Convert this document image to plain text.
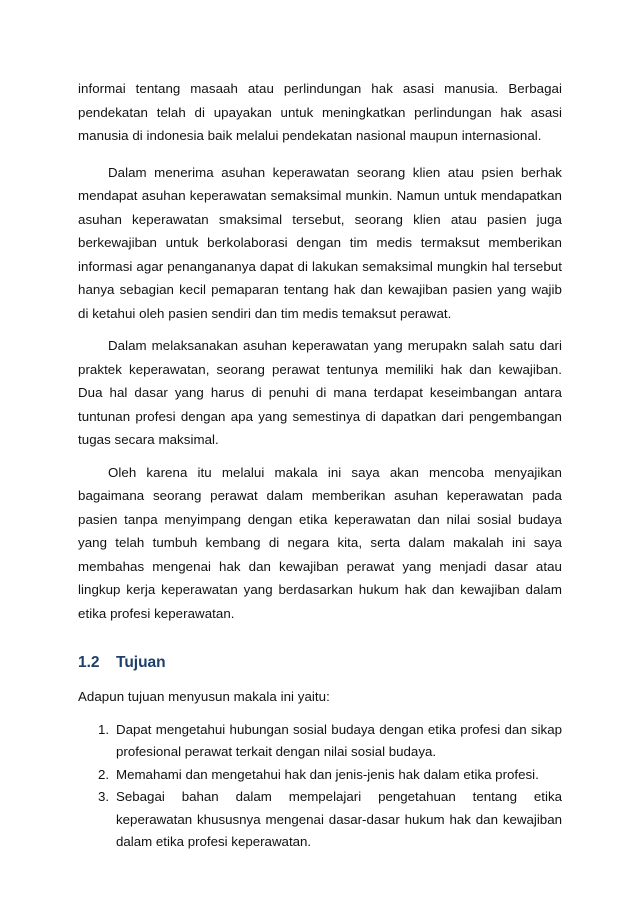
informai tentang masaah atau perlindungan hak asasi manusia. Berbagai pendekatan telah di upayakan untuk meningkatkan perlindungan hak asasi manusia di indonesia baik melalui pendekatan nasional maupun internasional.

Dalam menerima asuhan keperawatan seorang klien atau psien berhak mendapat asuhan keperawatan semaksimal munkin. Namun untuk mendapatkan asuhan keperawatan smaksimal tersebut, seorang klien atau pasien juga berkewajiban untuk berkolaborasi dengan tim medis termaksut memberikan informasi agar penangananya dapat di lakukan semaksimal mungkin hal tersebut hanya sebagian kecil pemaparan tentang hak dan kewajiban pasien yang wajib di ketahui oleh pasien sendiri dan tim medis temaksut perawat.

Dalam melaksanakan asuhan keperawatan yang merupakn salah satu dari praktek keperawatan, seorang perawat tentunya memiliki hak dan kewajiban. Dua hal dasar yang harus di penuhi di mana terdapat keseimbangan antara tuntunan profesi dengan apa yang semestinya di dapatkan dari pengembangan tugas secara maksimal.

Oleh karena itu melalui makala ini saya akan mencoba menyajikan bagaimana seorang perawat dalam memberikan asuhan keperawatan pada pasien tanpa menyimpang dengan etika keperawatan dan nilai sosial budaya yang telah tumbuh kembang di negara kita, serta dalam makalah ini saya membahas mengenai hak dan kewajiban perawat yang menjadi dasar atau lingkup kerja keperawatan yang berdasarkan hukum hak dan kewajiban dalam etika profesi keperawatan.

1.2	Tujuan

Adapun tujuan menyusun makala ini yaitu:

1. Dapat mengetahui hubungan sosial budaya dengan etika profesi dan sikap profesional perawat terkait dengan nilai sosial budaya.
2. Memahami dan mengetahui hak dan jenis-jenis hak dalam etika profesi.
3. Sebagai bahan dalam mempelajari pengetahuan tentang etika keperawatan khususnya mengenai dasar-dasar hukum hak dan kewajiban dalam etika profesi keperawatan.
